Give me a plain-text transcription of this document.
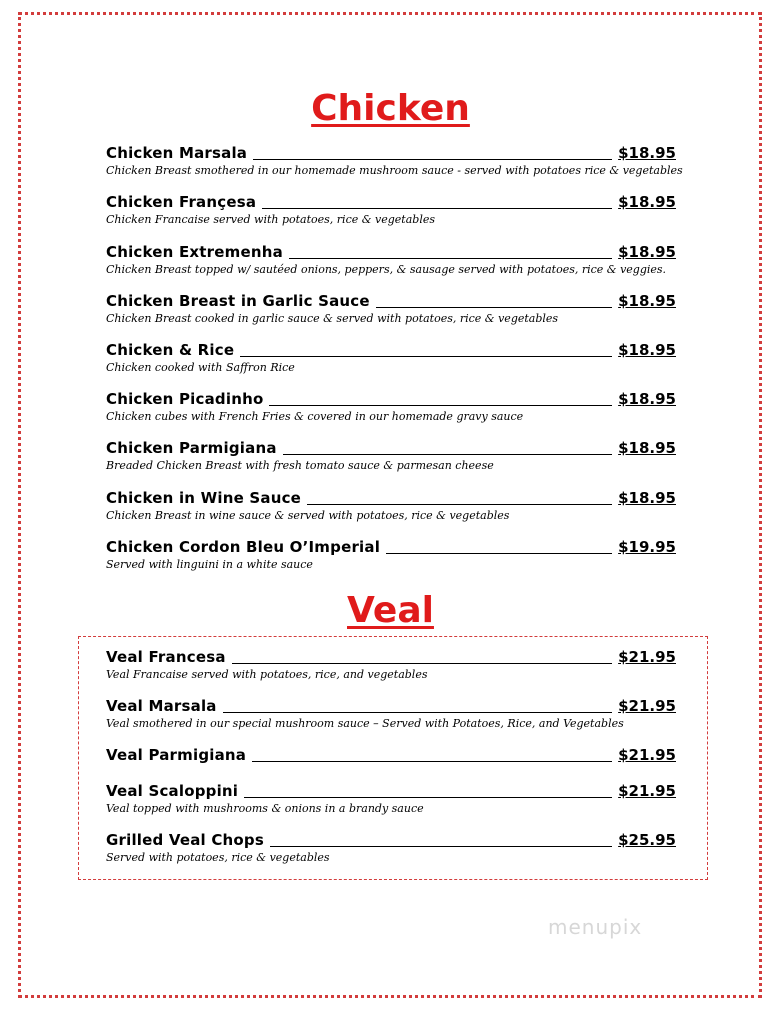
Chicken
Chicken Marsala	$18.95
Chicken Breast smothered in our homemade mushroom sauce - served with potatoes rice & vegetables
Chicken Françesa	$18.95
Chicken Francaise served with potatoes, rice & vegetables
Chicken Extremenha	$18.95
Chicken Breast topped w/ sautéed onions, peppers, & sausage served with potatoes, rice & veggies.
Chicken Breast in Garlic Sauce	$18.95
Chicken Breast cooked in garlic sauce & served with potatoes, rice & vegetables
Chicken & Rice	$18.95
Chicken cooked with Saffron Rice
Chicken Picadinho	$18.95
Chicken cubes with French Fries & covered in our homemade gravy sauce
Chicken Parmigiana	$18.95
Breaded Chicken Breast with fresh tomato sauce & parmesan cheese
Chicken in Wine Sauce	$18.95
Chicken Breast in wine sauce & served with potatoes, rice & vegetables
Chicken Cordon Bleu O’Imperial	$19.95
Served with linguini in a white sauce
Veal
Veal Francesa	$21.95
Veal Francaise served with potatoes, rice, and vegetables
Veal Marsala	$21.95
Veal smothered in our special mushroom sauce – Served with Potatoes, Rice, and Vegetables
Veal Parmigiana	$21.95
Veal Scaloppini	$21.95
Veal topped with mushrooms & onions in a brandy sauce
Grilled Veal Chops	$25.95
Served with potatoes, rice & vegetables
menupix
